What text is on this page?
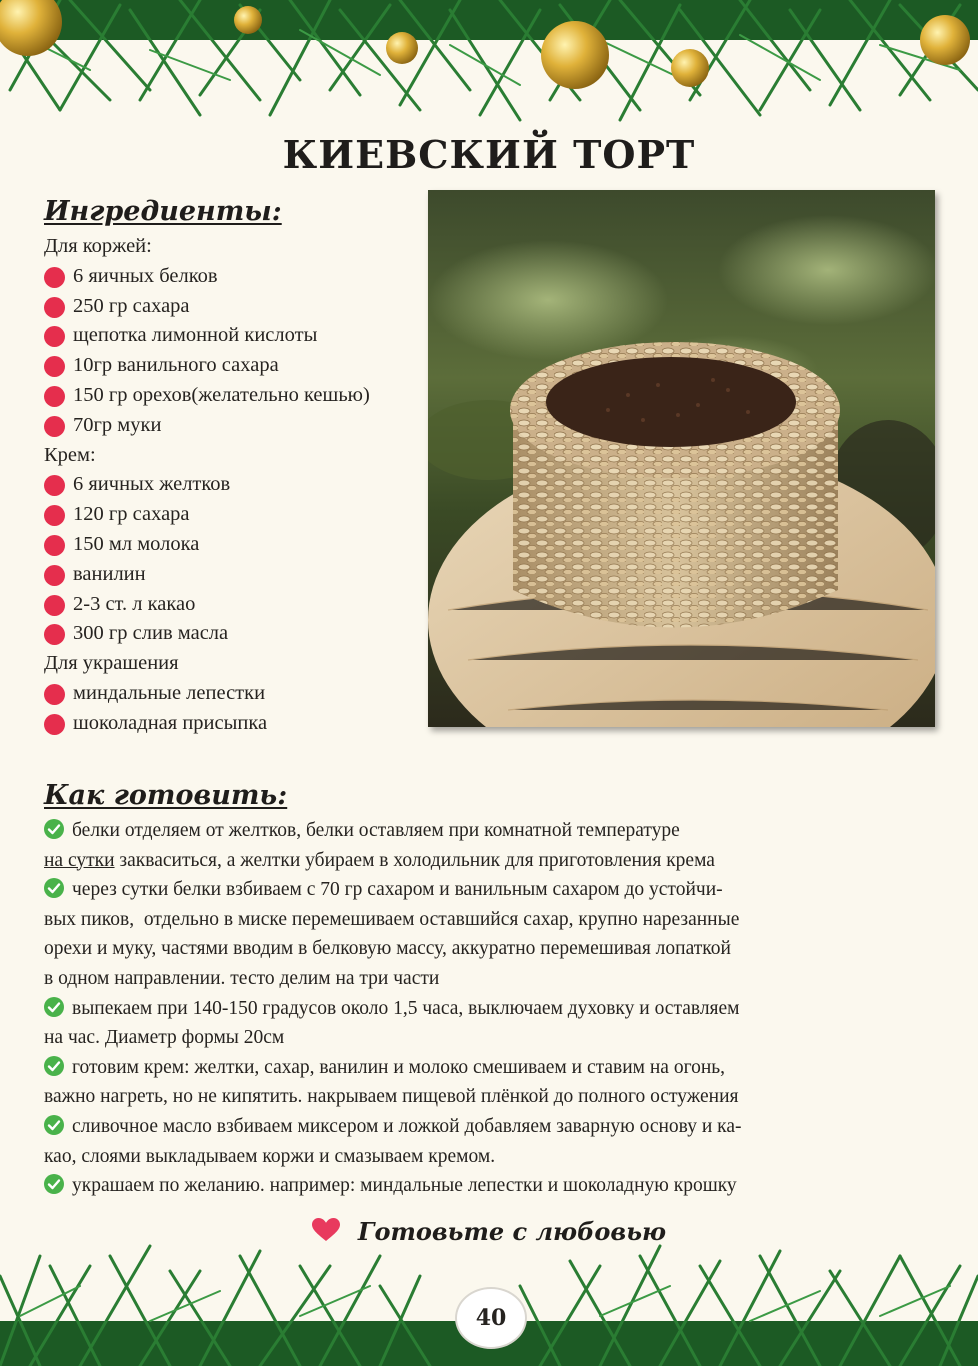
КИЕВСКИЙ ТОРТ
Ингредиенты:
Для коржей:
6 яичных белков
250 гр сахара
щепотка лимонной кислоты
10гр ванильного сахара
150 гр орехов(желательно кешью)
70гр муки
Крем:
6 яичных желтков
120 гр сахара
150 мл молока
ванилин
2-3 ст. л какао
300 гр слив масла
Для украшения
миндальные лепестки
шоколадная присыпка
Как готовить:
белки отделяем от желтков, белки оставляем при комнатной температуре
на сутки закваситься, а желтки убираем в холодильник для приготовления крема
через сутки белки взбиваем с 70 гр сахаром и ванильным сахаром до устойчи-
вых пиков,  отдельно в миске перемешиваем оставшийся сахар, крупно нарезанные
орехи и муку, частями вводим в белковую массу, аккуратно перемешивая лопаткой
в одном направлении. тесто делим на три части
выпекаем при 140-150 градусов около 1,5 часа, выключаем духовку и оставляем
на час. Диаметр формы 20см
готовим крем: желтки, сахар, ванилин и молоко смешиваем и ставим на огонь,
важно нагреть, но не кипятить. накрываем пищевой плёнкой до полного остужения
сливочное масло взбиваем миксером и ложкой добавляем заварную основу и ка-
као, слоями выкладываем коржи и смазываем кремом.
украшаем по желанию. например: миндальные лепестки и шоколадную крошку
Готовьте с любовью
40
